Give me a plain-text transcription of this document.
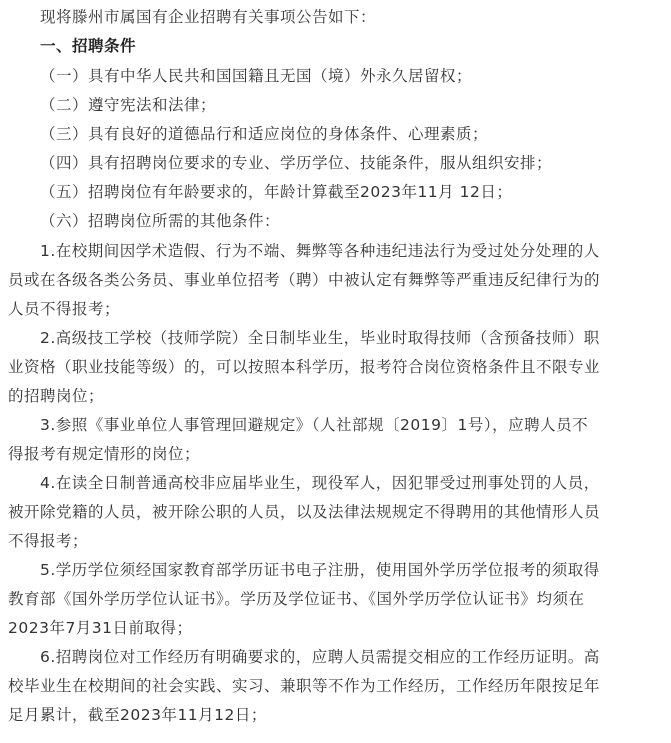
现将滕州市属国有企业招聘有关事项公告如下：
一、招聘条件
（一）具有中华人民共和国国籍且无国（境）外永久居留权；
（二）遵守宪法和法律；
（三）具有良好的道德品行和适应岗位的身体条件、心理素质；
（四）具有招聘岗位要求的专业、学历学位、技能条件，服从组织安排；
（五）招聘岗位有年龄要求的，年龄计算截至2023年11月 12日；
（六）招聘岗位所需的其他条件：
1.在校期间因学术造假、行为不端、舞弊等各种违纪违法行为受过处分处理的人
员或在各级各类公务员、事业单位招考（聘）中被认定有舞弊等严重违反纪律行为的
人员不得报考；
2.高级技工学校（技师学院）全日制毕业生，毕业时取得技师（含预备技师）职
业资格（职业技能等级）的，可以按照本科学历，报考符合岗位资格条件且不限专业
的招聘岗位；
3.参照《事业单位人事管理回避规定》（人社部规〔2019〕1号），应聘人员不
得报考有规定情形的岗位；
4.在读全日制普通高校非应届毕业生，现役军人，因犯罪受过刑事处罚的人员，
被开除党籍的人员，被开除公职的人员，以及法律法规规定不得聘用的其他情形人员
不得报考；
5.学历学位须经国家教育部学历证书电子注册，使用国外学历学位报考的须取得
教育部《国外学历学位认证书》。学历及学位证书、《国外学历学位认证书》均须在
2023年7月31日前取得；
6.招聘岗位对工作经历有明确要求的，应聘人员需提交相应的工作经历证明。高
校毕业生在校期间的社会实践、实习、兼职等不作为工作经历，工作经历年限按足年
足月累计，截至2023年11月12日；
